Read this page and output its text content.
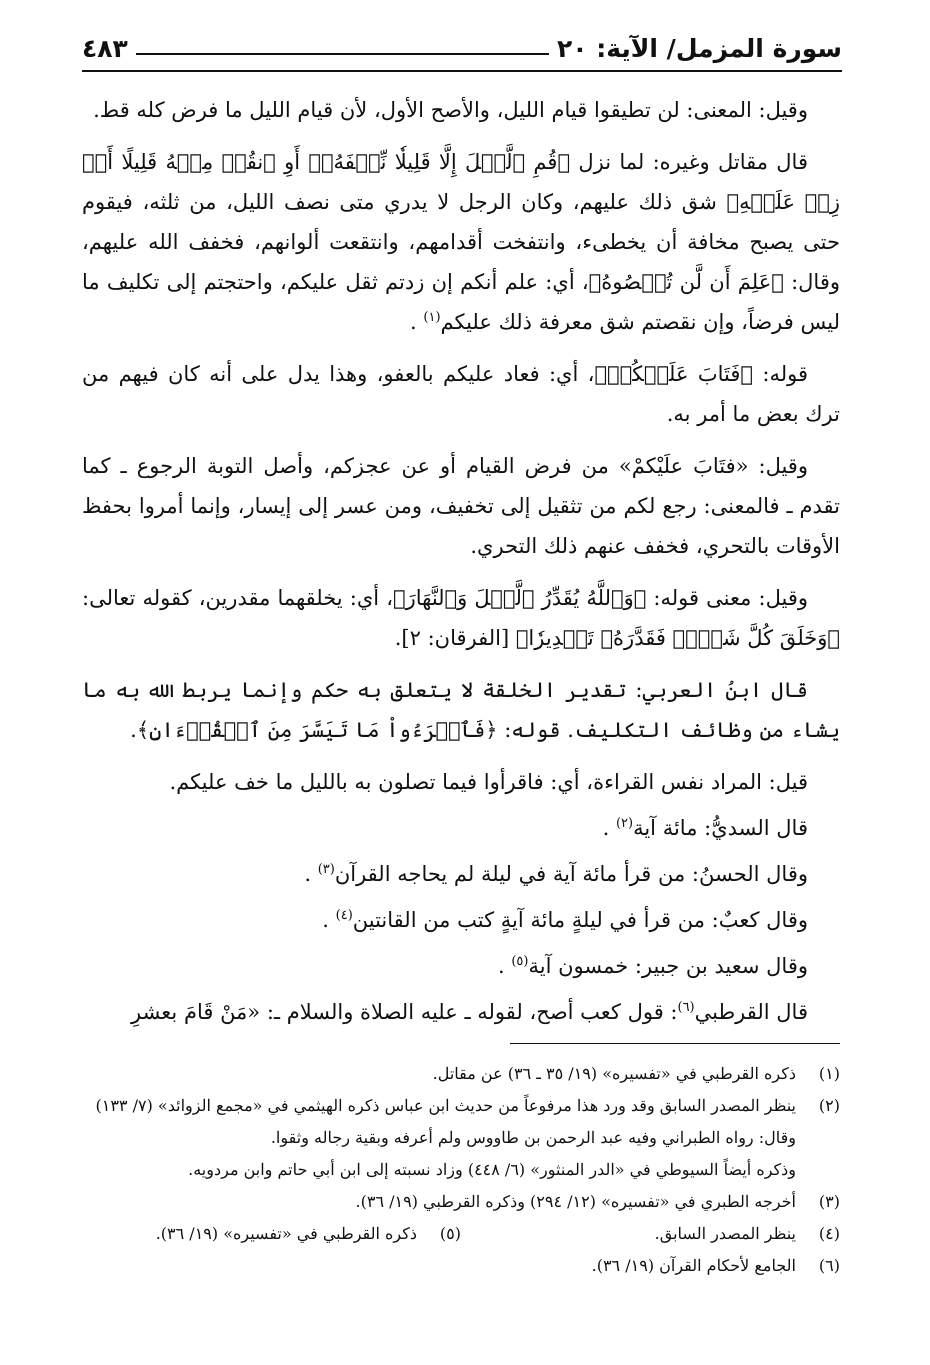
سورة المزمل/ الآية: ٢٠
٤٨٣

وقيل: المعنى: لن تطيقوا قيام الليل، والأصح الأول، لأن قيام الليل ما فرض كله قط.

قال مقاتل وغيره: لما نزل ﴿قُمِ ٱلَّيۡلَ إِلَّا قَلِيلٗا نِّصۡفَهُۥٓ أَوِ ٱنقُصۡ مِنۡهُ قَلِيلًا أَوۡ زِدۡ عَلَيۡهِ﴾ شق ذلك عليهم، وكان الرجل لا يدري متى نصف الليل، من ثلثه، فيقوم حتى يصبح مخافة أن يخطىء، وانتفخت أقدامهم، وانتقعت ألوانهم، فخفف الله عليهم، وقال: ﴿عَلِمَ أَن لَّن تُحۡصُوهُ﴾، أي: علم أنكم إن زدتم ثقل عليكم، واحتجتم إلى تكليف ما ليس فرضاً، وإن نقصتم شق معرفة ذلك عليكم$^{(١)}$ .

قوله: ﴿فَتَابَ عَلَيۡكُمۡ﴾، أي: فعاد عليكم بالعفو، وهذا يدل على أنه كان فيهم من ترك بعض ما أمر به.

وقيل: «فتَابَ علَيْكمْ» من فرض القيام أو عن عجزكم، وأصل التوبة الرجوع ـ كما تقدم ـ فالمعنى: رجع لكم من تثقيل إلى تخفيف، ومن عسر إلى إيسار، وإنما أمروا بحفظ الأوقات بالتحري، فخفف عنهم ذلك التحري.

وقيل: معنى قوله: ﴿وَٱللَّهُ يُقَدِّرُ ٱلَّيۡلَ وَٱلنَّهَارَ﴾، أي: يخلقهما مقدرين، كقوله تعالى: ﴿وَخَلَقَ كُلَّ شَيۡءٖ فَقَدَّرَهُۥ تَقۡدِيرٗا﴾ [الفرقان: ٢].

قال ابنُ العربي: تقدير الخلقة لا يتعلق به حكم وإنما يربط الله به ما يشاء من وظائف التكليف. قوله: ﴿فَٱقۡرَءُواْ مَا تَيَسَّرَ مِنَ ٱلۡقُرۡءَانِ﴾.

قيل: المراد نفس القراءة، أي: فاقرأوا فيما تصلون به بالليل ما خف عليكم.

قال السديُّ: مائة آية$^{(٢)}$ .

وقال الحسنُ: من قرأ مائة آية في ليلة لم يحاجه القرآن$^{(٣)}$ .

وقال كعبٌ: من قرأ في ليلةٍ مائة آيةٍ كتب من القانتين$^{(٤)}$ .

وقال سعيد بن جبير: خمسون آية$^{(٥)}$ .

قال القرطبي$^{(٦)}$: قول كعب أصح، لقوله ـ عليه الصلاة والسلام ـ: «مَنْ قَامَ بعشرِ

(١)
ذكره القرطبي في «تفسيره» (١٩/ ٣٥ ـ ٣٦) عن مقاتل.
(٢)
ينظر المصدر السابق وقد ورد هذا مرفوعاً من حديث ابن عباس ذكره الهيثمي في «مجمع الزوائد» (٧/ ١٣٣) وقال: رواه الطبراني وفيه عبد الرحمن بن طاووس ولم أعرفه وبقية رجاله وثقوا.
وذكره أيضاً السيوطي في «الدر المنثور» (٦/ ٤٤٨) وزاد نسبته إلى ابن أبي حاتم وابن مردويه.
(٣)
أخرجه الطبري في «تفسيره» (١٢/ ٢٩٤) وذكره القرطبي (١٩/ ٣٦).
(٤)
ينظر المصدر السابق.
(٥)
ذكره القرطبي في «تفسيره» (١٩/ ٣٦).
(٦)
الجامع لأحكام القرآن (١٩/ ٣٦).
